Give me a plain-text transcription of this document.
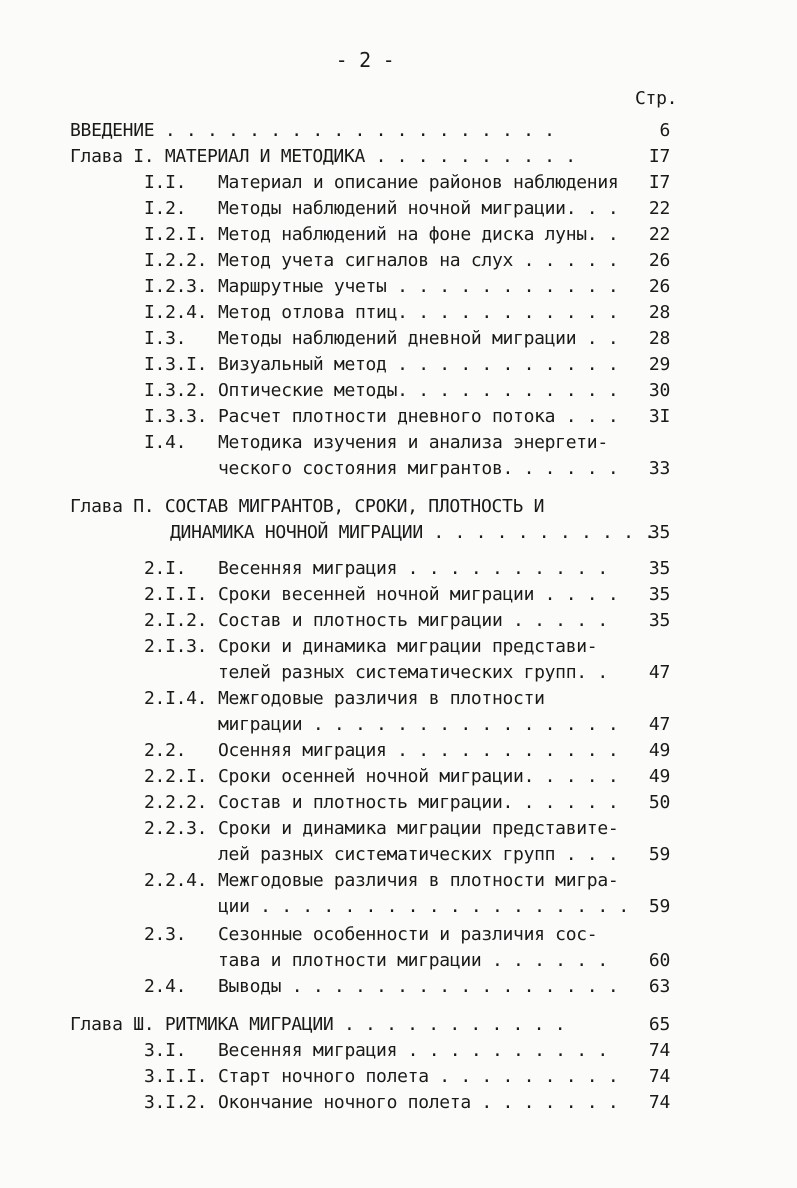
- 2 -
Стр.
ВВЕДЕНИЕ . . . . . . . . . . . . . . . . . . .	6
Глава I. МАТЕРИАЛ И МЕТОДИКА . . . . . . . . . .	I7
I.I. Материал и описание районов наблюдения	I7
I.2. Методы наблюдений ночной миграции. . .	22
I.2.I. Метод наблюдений на фоне диска луны. .	22
I.2.2. Метод учета сигналов на слух . . . . .	26
I.2.3. Маршрутные учеты . . . . . . . . . . .	26
I.2.4. Метод отлова птиц. . . . . . . . . . .	28
I.3. Методы наблюдений дневной миграции . .	28
I.3.I. Визуальный метод . . . . . . . . . . .	29
I.3.2. Оптические методы. . . . . . . . . . .	30
I.3.3. Расчет плотности дневного потока . . .	3I
I.4. Методика изучения и анализа энергети-
ческого состояния мигрантов. . . . . .	33
Глава П. СОСТАВ МИГРАНТОВ, СРОКИ, ПЛОТНОСТЬ И
ДИНАМИКА НОЧНОЙ МИГРАЦИИ . . . . . . . . . . .
35
2.I. Весенняя миграция . . . . . . . . . .	35
2.I.I. Сроки весенней ночной миграции . . . .	35
2.I.2. Состав и плотность миграции . . . . .	35
2.I.3. Сроки и динамика миграции представи-
телей разных систематических групп. .	47
2.I.4. Межгодовые различия в плотности
миграции . . . . . . . . . . . . . . .	47
2.2. Осенняя миграция . . . . . . . . . . .	49
2.2.I. Сроки осенней ночной миграции. . . . .	49
2.2.2. Состав и плотность миграции. . . . . .	50
2.2.3. Сроки и динамика миграции представите-
лей разных систематических групп . . .	59
2.2.4. Межгодовые различия в плотности мигра-
ции . . . . . . . . . . . . . . . . . .	59
2.3. Сезонные особенности и различия сос-
тава и плотности миграции . . . . . .	60
2.4. Выводы . . . . . . . . . . . . . . . .	63
Глава Ш. РИТМИКА МИГРАЦИИ . . . . . . . . . . .	65
3.I. Весенняя миграция . . . . . . . . . .	74
3.I.I. Старт ночного полета . . . . . . . . .	74
3.I.2. Окончание ночного полета . . . . . . .	74
